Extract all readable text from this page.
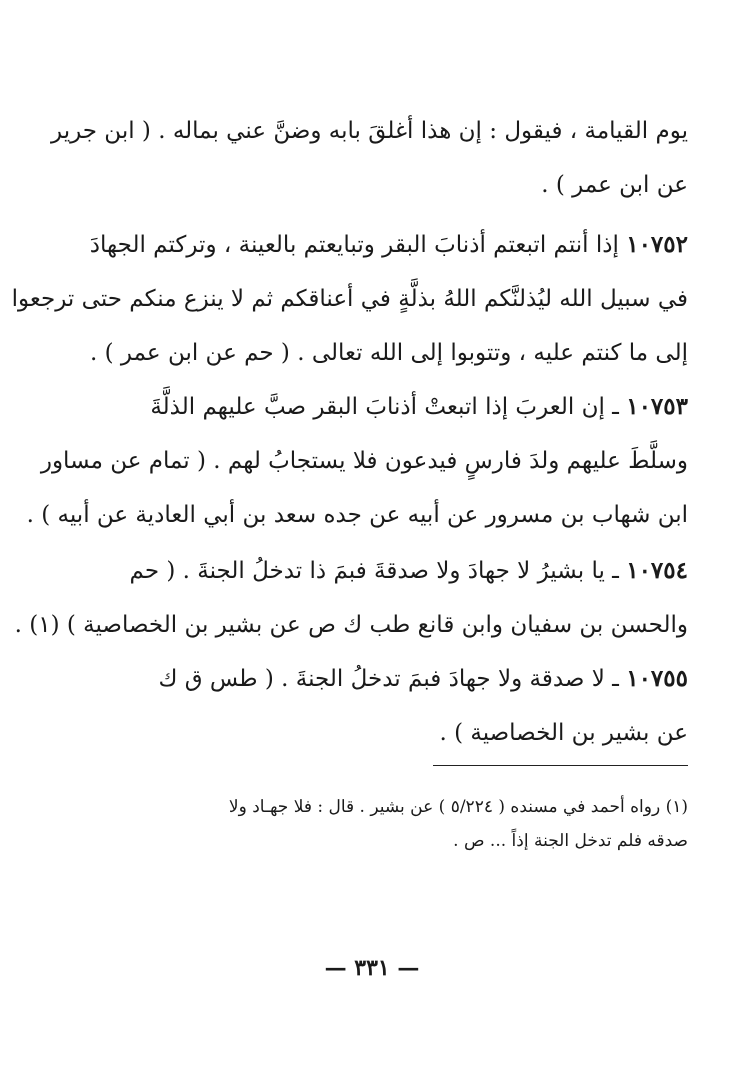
يوم القيامة ، فيقول : إن هذا أغلقَ بابه وضنَّ عني بماله . ( ابن جرير
عن ابن عمر ) .
١٠٧٥٢ إذا أنتم اتبعتم أذنابَ البقر وتبايعتم بالعينة ، وتركتم الجهادَ
في سبيل الله ليُذلنَّكم اللهُ بذلَّةٍ في أعناقكم ثم لا ينزع منكم حتى ترجعوا
إلى ما كنتم عليه ، وتتوبوا إلى الله تعالى . ( حم عن ابن عمر ) .
١٠٧٥٣ ـ إن العربَ إذا اتبعتْ أذنابَ البقر صبَّ عليهم الذلَّةَ
وسلَّطَ عليهم ولدَ فارسٍ فيدعون فلا يستجابُ لهم . ( تمام عن مساور
ابن شهاب بن مسرور عن أبيه عن جده سعد بن أبي العادية عن أبيه ) .
١٠٧٥٤ ـ يا بشيرُ لا جهادَ ولا صدقةَ فبمَ ذا تدخلُ الجنةَ . ( حم
والحسن بن سفيان وابن قانع طب ك ص عن بشير بن الخصاصية ) (١) .
١٠٧٥٥ ـ لا صدقة ولا جهادَ فبمَ تدخلُ الجنةَ . ( طس ق ك
عن بشير بن الخصاصية ) .
(١) رواه أحمد في مسنده ( ٥/٢٢٤ ) عن بشير . قال : فلا جهـاد ولا
صدقه فلم تدخل الجنة إذاً ... ص .
— ٣٣١ —
